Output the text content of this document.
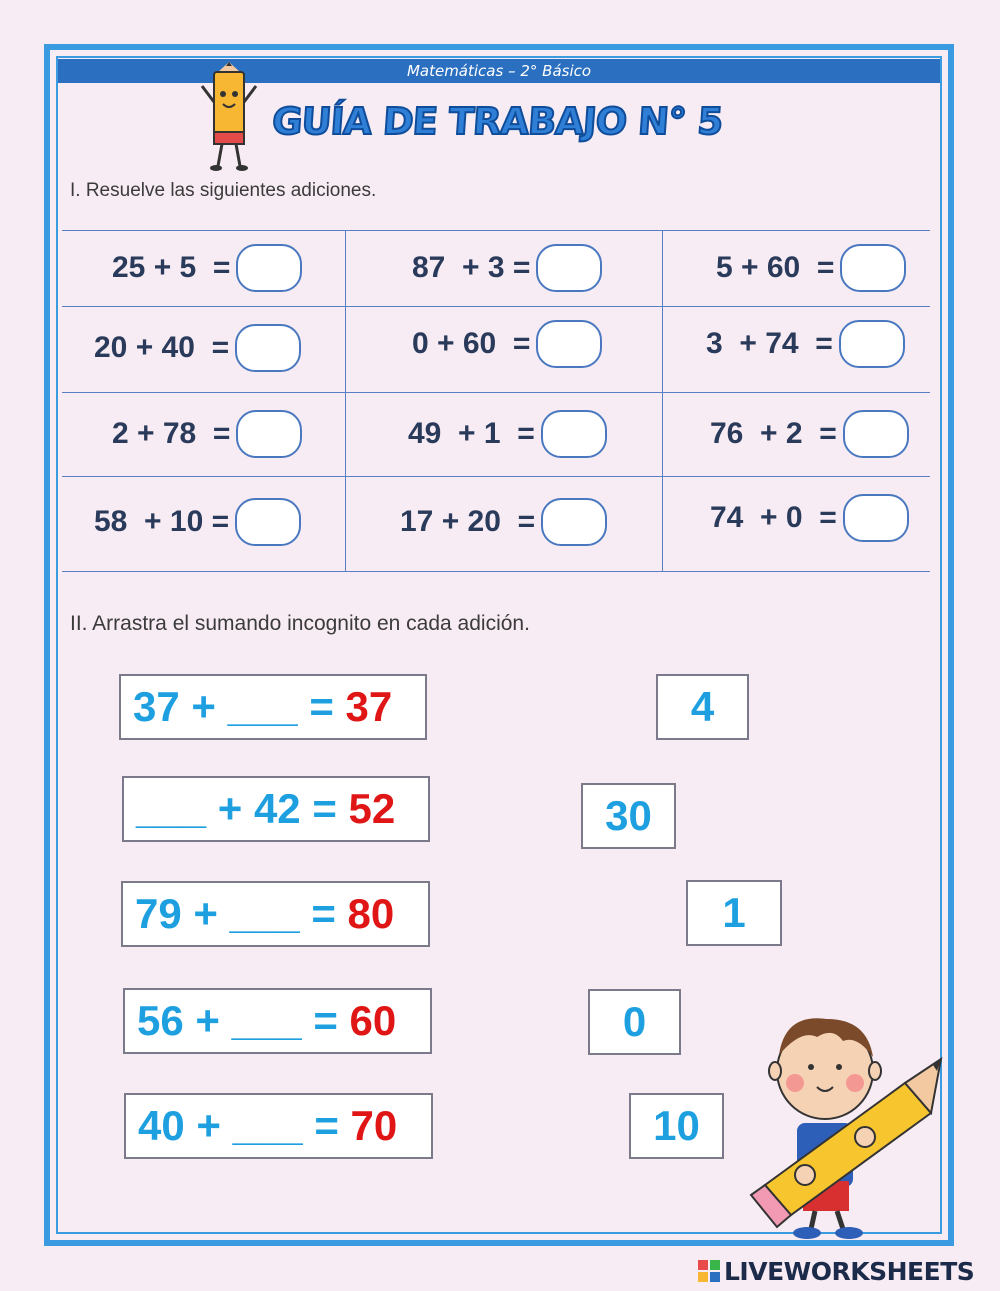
Matemáticas – 2° Básico
GUÍA DE TRABAJO N° 5
I. Resuelve las siguientes adiciones.
25 + 5  =	87  + 3 =	5 + 60  =
20 + 40  =	0 + 60  =	3  + 74  =
2 + 78  =	49  + 1  =	76  + 2  =
58  + 10 =	17 + 20  =	74  + 0  =
II. Arrastra el sumando incognito en cada adición.
37 + ___ = 37
___ + 42 = 52
79 + ___ = 80
56 + ___ = 60
40 + ___ = 70
4
30
1
0
10
LIVEWORKSHEETS
